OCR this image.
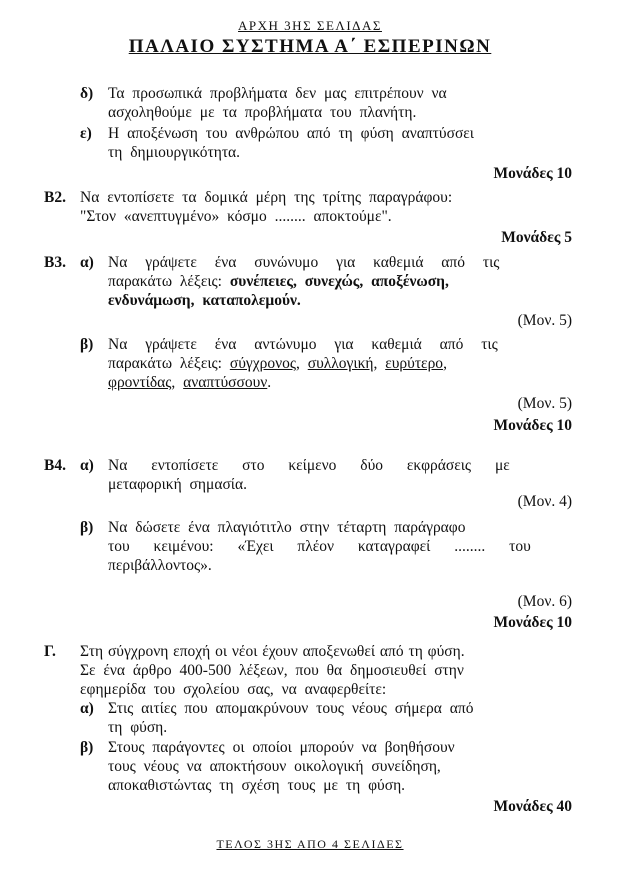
ΑΡΧΗ 3ΗΣ ΣΕΛΙΔΑΣ
ΠΑΛΑΙΟ ΣΥΣΤΗΜΑ Α΄ ΕΣΠΕΡΙΝΩΝ
δ) Τα προσωπικά προβλήματα δεν μας επιτρέπουν να
ασχοληθούμε με τα προβλήματα του πλανήτη.
ε) Η αποξένωση του ανθρώπου από τη φύση αναπτύσσει
τη δημιουργικότητα.
Μονάδες 10
Β2. Να εντοπίσετε τα δομικά μέρη της τρίτης παραγράφου:
"Στον «ανεπτυγμένο» κόσμο ........ αποκτούμε".
Μονάδες 5
Β3. α) Να γράψετε ένα συνώνυμο για καθεμιά από τις
παρακάτω λέξεις: συνέπειες, συνεχώς, αποξένωση,
ενδυνάμωση, καταπολεμούν.
(Μον. 5)
β) Να γράψετε ένα αντώνυμο για καθεμιά από τις
παρακάτω λέξεις: σύγχρονος, συλλογική, ευρύτερο,
φροντίδας, αναπτύσσουν.
(Μον. 5)
Μονάδες 10
Β4. α) Να εντοπίσετε στο κείμενο δύο εκφράσεις με
μεταφορική σημασία.
(Μον. 4)
β) Να δώσετε ένα πλαγιότιτλο στην τέταρτη παράγραφο
του κειμένου: «Έχει πλέον καταγραφεί ........ του
περιβάλλοντος».
(Μον. 6)
Μονάδες 10
Γ. Στη σύγχρονη εποχή οι νέοι έχουν αποξενωθεί από τη φύση.
Σε ένα άρθρο 400-500 λέξεων, που θα δημοσιευθεί στην
εφημερίδα του σχολείου σας, να αναφερθείτε:
α) Στις αιτίες που απομακρύνουν τους νέους σήμερα από
τη φύση.
β) Στους παράγοντες οι οποίοι μπορούν να βοηθήσουν
τους νέους να αποκτήσουν οικολογική συνείδηση,
αποκαθιστώντας τη σχέση τους με τη φύση.
Μονάδες 40
ΤΕΛΟΣ 3ΗΣ ΑΠΟ 4 ΣΕΛΙΔΕΣ
